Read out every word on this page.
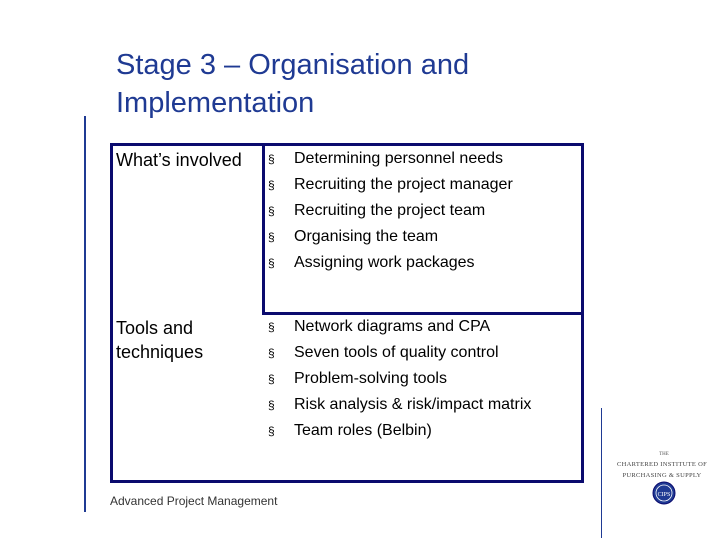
Stage 3 – Organisation and Implementation
What’s involved	§ Determining personnel needs
§ Recruiting the project manager
§ Recruiting the project team
§ Organising the team
§ Assigning work packages
Tools and techniques
§ Network diagrams and CPA
§ Seven tools of quality control
§ Problem-solving tools
§ Risk analysis & risk/impact matrix
§ Team roles (Belbin)
Advanced Project Management
THE
CHARTERED INSTITUTE OF
PURCHASING & SUPPLY
CIPS
